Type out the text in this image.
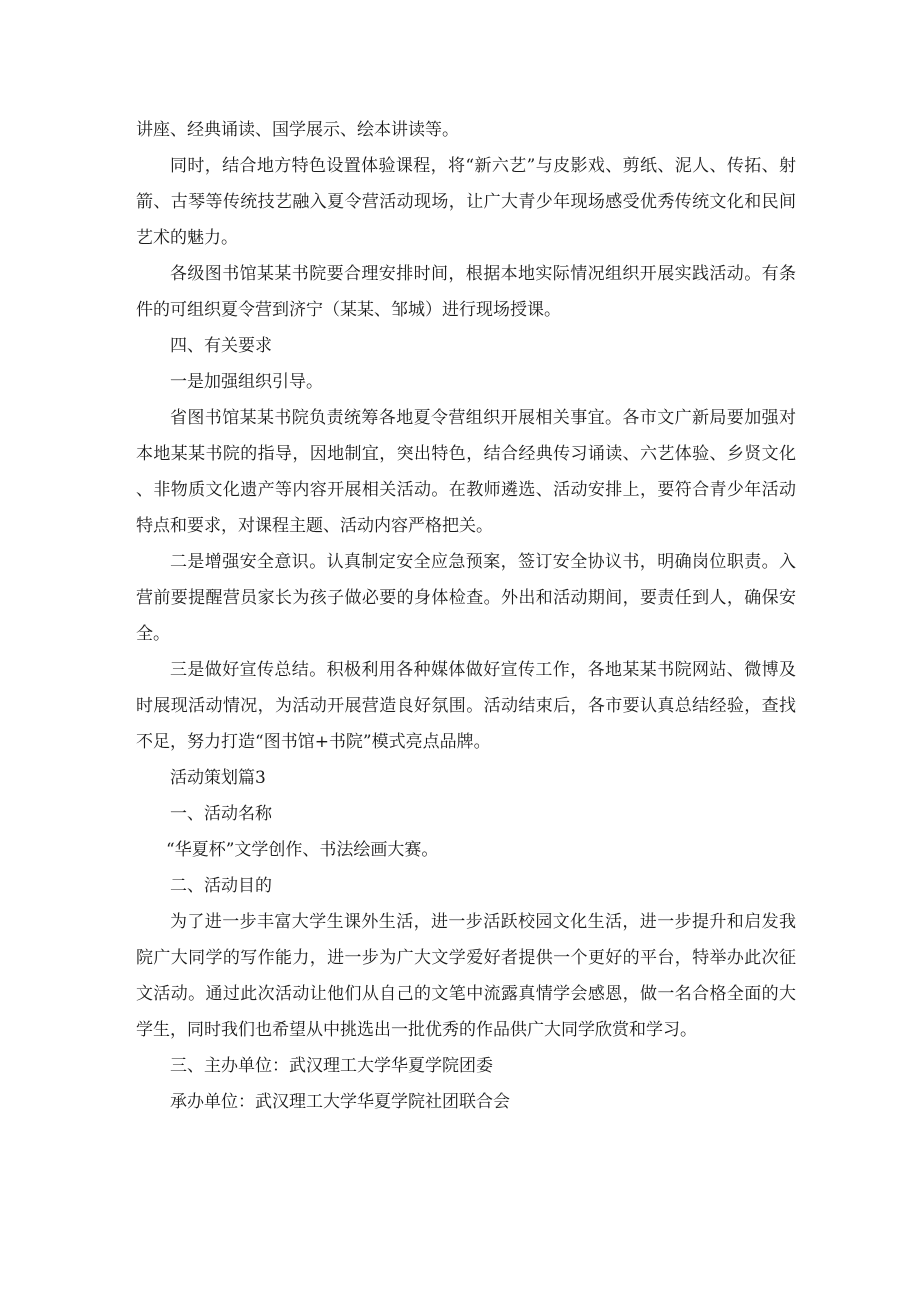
讲座、经典诵读、国学展示、绘本讲读等。

同时，结合地方特色设置体验课程，将“新六艺”与皮影戏、剪纸、泥人、传拓、射箭、古琴等传统技艺融入夏令营活动现场，让广大青少年现场感受优秀传统文化和民间艺术的魅力。

各级图书馆某某书院要合理安排时间，根据本地实际情况组织开展实践活动。有条件的可组织夏令营到济宁（某某、邹城）进行现场授课。

四、有关要求

一是加强组织引导。

省图书馆某某书院负责统筹各地夏令营组织开展相关事宜。各市文广新局要加强对本地某某书院的指导，因地制宜，突出特色，结合经典传习诵读、六艺体验、乡贤文化、非物质文化遗产等内容开展相关活动。在教师遴选、活动安排上，要符合青少年活动特点和要求，对课程主题、活动内容严格把关。

二是增强安全意识。认真制定安全应急预案，签订安全协议书，明确岗位职责。入营前要提醒营员家长为孩子做必要的身体检查。外出和活动期间，要责任到人，确保安全。

三是做好宣传总结。积极利用各种媒体做好宣传工作，各地某某书院网站、微博及时展现活动情况，为活动开展营造良好氛围。活动结束后，各市要认真总结经验，查找不足，努力打造“图书馆+书院”模式亮点品牌。

活动策划篇3

一、活动名称

“华夏杯”文学创作、书法绘画大赛。

二、活动目的

为了进一步丰富大学生课外生活，进一步活跃校园文化生活，进一步提升和启发我院广大同学的写作能力，进一步为广大文学爱好者提供一个更好的平台，特举办此次征文活动。通过此次活动让他们从自己的文笔中流露真情学会感恩，做一名合格全面的大学生，同时我们也希望从中挑选出一批优秀的作品供广大同学欣赏和学习。

三、主办单位：武汉理工大学华夏学院团委

承办单位：武汉理工大学华夏学院社团联合会
